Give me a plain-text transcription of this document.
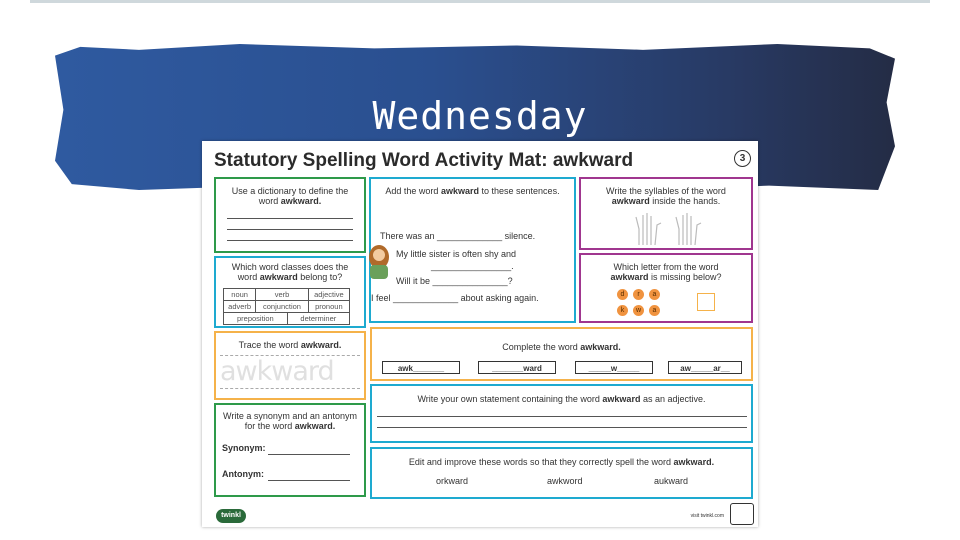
Wednesday
Statutory Spelling Word Activity Mat: awkward	3
Use a dictionary to define the
word awkward.
Which word classes does the
word awkward belong to?
noun	verb	adjective
adverb	conjunction	pronoun
preposition	determiner
Add the word awkward to these sentences.
There was an _____________ silence.
My little sister is often shy and
________________.
Will it be _______________?
I feel _____________ about asking again.
Write the syllables of the word
awkward inside the hands.
Which letter from the word
awkward is missing below?
d	r	a
k	w	a
Trace the word awkward.
awkward
Complete the word awkward.
awk_______	_______ward	_____w_____	aw_____ar__
Write a synonym and an antonym
for the word awkward.
Synonym:
Antonym:
Write your own statement containing the word awkward as an adjective.
Edit and improve these words so that they correctly spell the word awkward.
orkward	awkword	aukward
twinkl	visit twinkl.com
